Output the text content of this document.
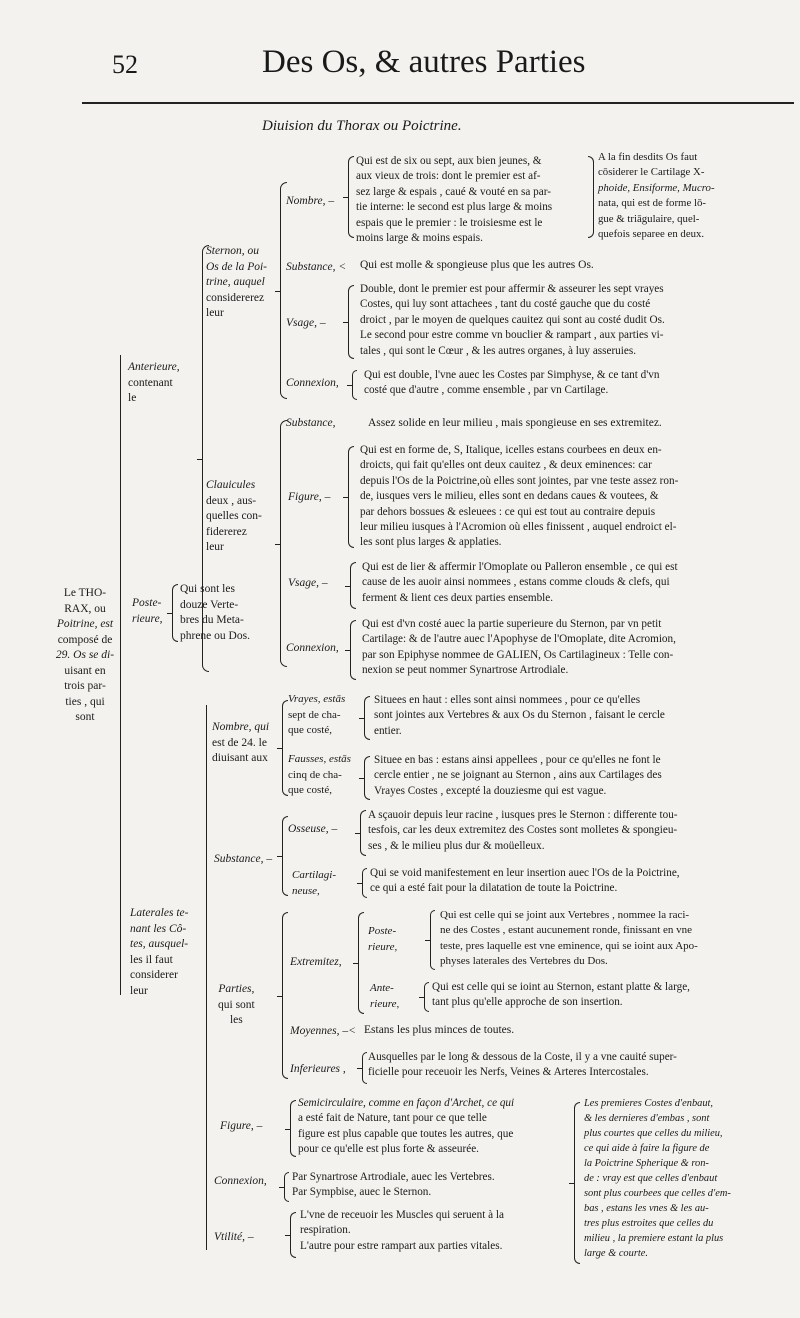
52	Des Os, & autres Parties
Diuision du Thorax ou Poictrine.
Le THO-
RAX, ou
Poitrine, est
composé de
29. Os se di-
uisant en
trois par-
ties , qui
sont
Anterieure,
contenant
le
Sternon, ou
Os de la Poi-
trine, auquel
considererez
leur
Nombre, –
Qui est de six ou sept, aux bien jeunes, &
aux vieux de trois: dont le premier est af-
sez large & espais , caué & vouté en sa par-
tie interne: le second est plus large & moins
espais que le premier : le troisiesme est le
moins large & moins espais.
A la fin desdits Os faut
cōsiderer le Cartilage X-
phoide, Ensiforme, Mucro-
nata, qui est de forme lō-
gue & triāgulaire, quel-
quefois separee en deux.
Substance, < Qui est molle & spongieuse plus que les autres Os.
Vsage, –
Double, dont le premier est pour affermir & asseurer les sept vrayes
Costes, qui luy sont attachees , tant du costé gauche que du costé
droict , par le moyen de quelques cauitez qui sont au costé dudit Os.
Le second pour estre comme vn bouclier & rampart , aux parties vi-
tales , qui sont le Cœur , & les autres organes, à luy asseruies.
Connexion,
Qui est double, l'vne auec les Costes par Simphyse, & ce tant d'vn
costé que d'autre , comme ensemble , par vn Cartilage.
Clauicules
deux , aus-
quelles con-
fidererez
leur
Substance,	Assez solide en leur milieu , mais spongieuse en ses extremitez.
Figure, –
Qui est en forme de, S, Italique, icelles estans courbees en deux en-
droicts, qui fait qu'elles ont deux cauitez , & deux eminences: car
depuis l'Os de la Poictrine,où elles sont jointes, par vne teste assez ron-
de, iusques vers le milieu, elles sont en dedans caues & voutees, &
par dehors bossues & esleuees : ce qui est tout au contraire depuis
leur milieu iusques à l'Acromion où elles finissent , auquel endroict el-
les sont plus larges & applaties.
Vsage, –
Qui est de lier & affermir l'Omoplate ou Palleron ensemble , ce qui est
cause de les auoir ainsi nommees , estans comme clouds & clefs, qui
ferment & lient ces deux parties ensemble.
Connexion,
Qui est d'vn costé auec la partie superieure du Sternon, par vn petit
Cartilage: & de l'autre auec l'Apophyse de l'Omoplate, dite Acromion,
par son Epiphyse nommee de GALIEN, Os Cartilagineux : Telle con-
nexion se peut nommer Synartrose Artrodiale.
Poste-
rieure,
Qui sont les
douze Verte-
bres du Meta-
phrene ou Dos.
Laterales te-
nant les Cô-
tes, ausquel-
les il faut
considerer
leur
Nombre, qui
est de 24. le
diuisant aux
Vrayes, estās
sept de cha-
que costé,
Situees en haut : elles sont ainsi nommees , pour ce qu'elles
sont jointes aux Vertebres & aux Os du Sternon , faisant le cercle
entier.
Fausses, estās
cinq de cha-
que costé,
Situee en bas : estans ainsi appellees , pour ce qu'elles ne font le
cercle entier , ne se joignant au Sternon , ains aux Cartilages des
Vrayes Costes , excepté la douziesme qui est vague.
Substance, –
Osseuse, –
A sçauoir depuis leur racine , iusques pres le Sternon : differente tou-
tesfois, car les deux extremitez des Costes sont molletes & spongieu-
ses , & le milieu plus dur & moüelleux.
Cartilagi-
neuse,
Qui se void manifestement en leur insertion auec l'Os de la Poictrine,
ce qui a esté fait pour la dilatation de toute la Poictrine.
Parties,
qui sont
les
Extremitez,
Poste-
rieure,
Qui est celle qui se joint aux Vertebres , nommee la raci-
ne des Costes , estant aucunement ronde, finissant en vne
teste, pres laquelle est vne eminence, qui se ioint aux Apo-
physes laterales des Vertebres du Dos.
Ante-
rieure,
Qui est celle qui se ioint au Sternon, estant platte & large,
tant plus qu'elle approche de son insertion.
Moyennes, –< Estans les plus minces de toutes.
Inferieures ,
Ausquelles par le long & dessous de la Coste, il y a vne cauité super-
ficielle pour receuoir les Nerfs, Veines & Arteres Intercostales.
Figure, –
Semicirculaire, comme en façon d'Archet, ce qui
a esté fait de Nature, tant pour ce que telle
figure est plus capable que toutes les autres, que
pour ce qu'elle est plus forte & asseurée.
Connexion, Par Synartrose Artrodiale, auec les Vertebres.
Par Sympbise, auec le Sternon.
Vtilité, –
L'vne de receuoir les Muscles qui seruent à la
respiration.
L'autre pour estre rampart aux parties vitales.
Les premieres Costes d'enbaut,
& les dernieres d'embas , sont
plus courtes que celles du milieu,
ce qui aide à faire la figure de
la Poictrine Spherique & ron-
de : vray est que celles d'enbaut
sont plus courbees que celles d'em-
bas , estans les vnes & les au-
tres plus estroites que celles du
milieu , la premiere estant la plus
large & courte.
